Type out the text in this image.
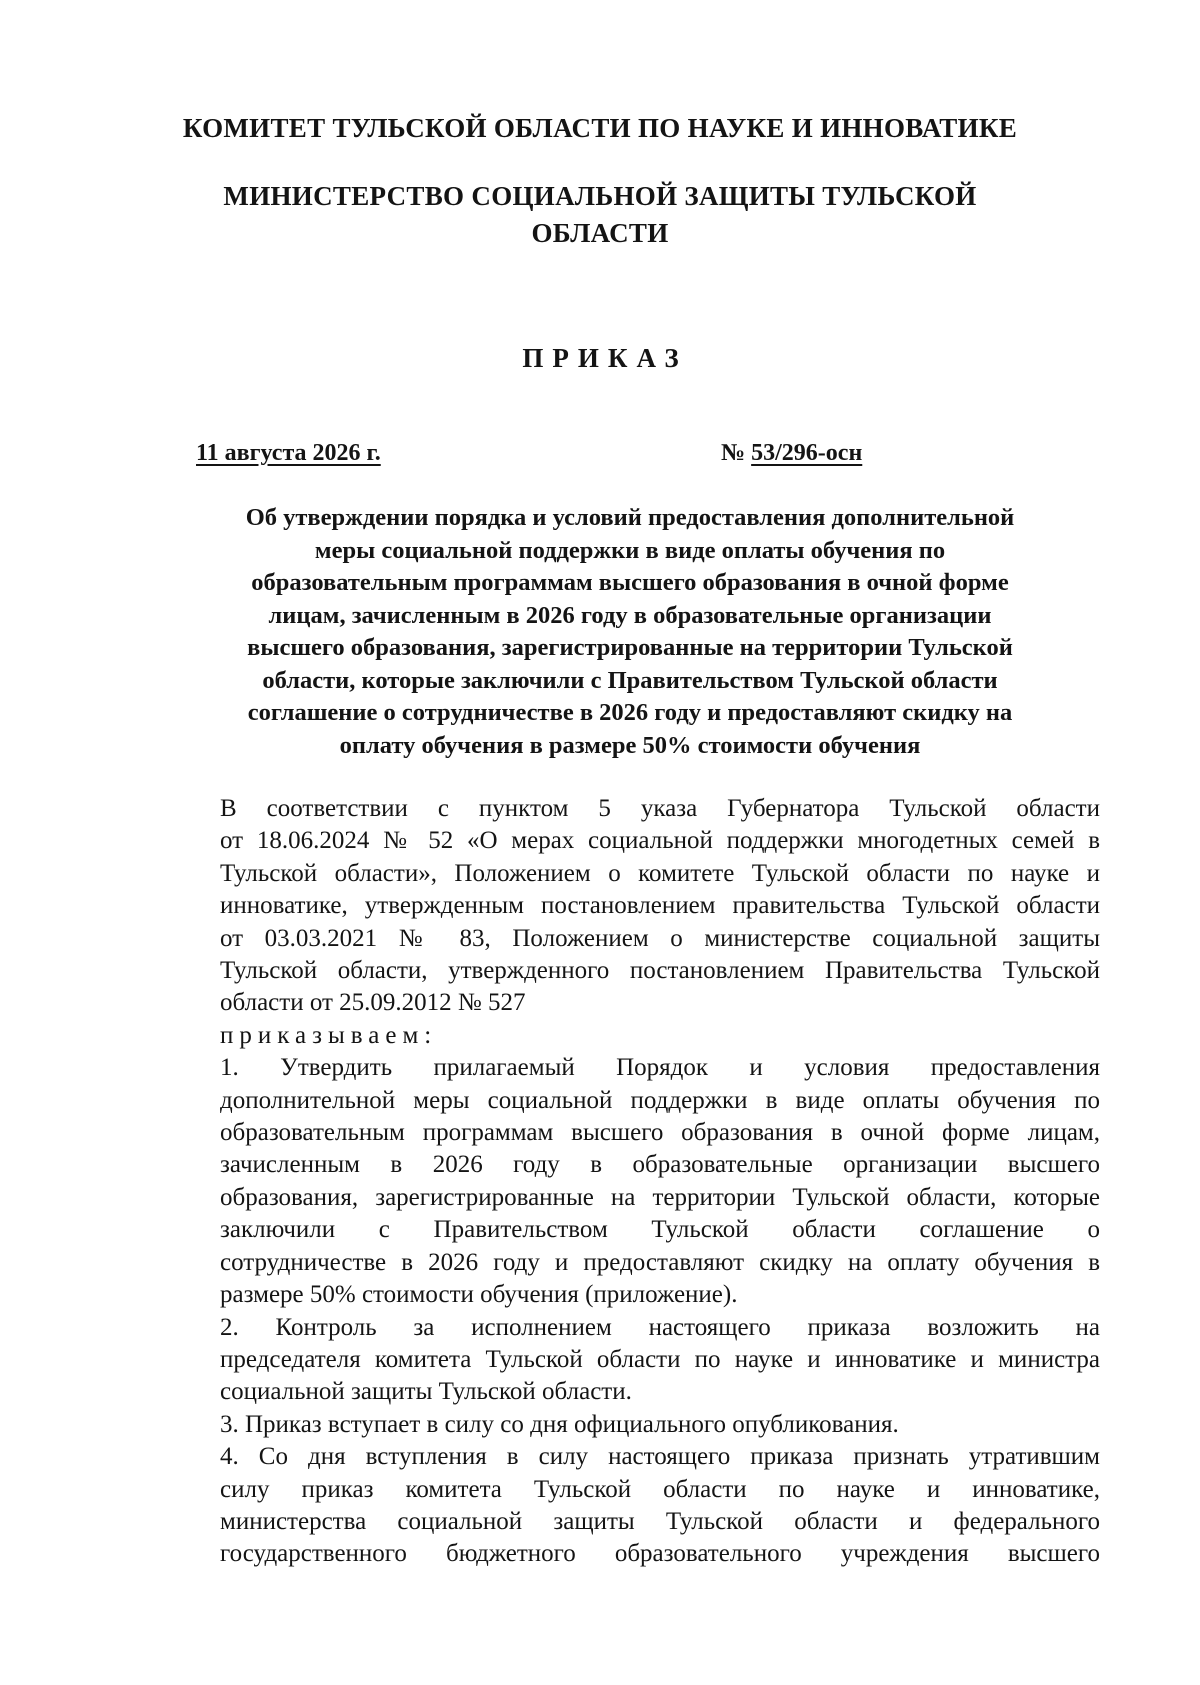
КОМИТЕТ ТУЛЬСКОЙ ОБЛАСТИ ПО НАУКЕ И ИННОВАТИКЕ
МИНИСТЕРСТВО СОЦИАЛЬНОЙ ЗАЩИТЫ ТУЛЬСКОЙ
ОБЛАСТИ
ПРИКАЗ
11 августа 2026 г.	№ 53/296-осн
Об утверждении порядка и условий предоставления дополнительной
меры социальной поддержки в виде оплаты обучения по
образовательным программам высшего образования в очной форме
лицам, зачисленным в 2026 году в образовательные организации
высшего образования, зарегистрированные на территории Тульской
области, которые заключили с Правительством Тульской области
соглашение о сотрудничестве в 2026 году и предоставляют скидку на
оплату обучения в размере 50% стоимости обучения

В соответствии с пунктом 5 указа Губернатора Тульской области
от 18.06.2024 № 52 «О мерах социальной поддержки многодетных семей в
Тульской области», Положением о комитете Тульской области по науке и
инноватике, утвержденным постановлением правительства Тульской области
от 03.03.2021 № 83, Положением о министерстве социальной защиты
Тульской области, утвержденного постановлением Правительства Тульской
области от 25.09.2012 № 527

приказываем:

1. Утвердить прилагаемый Порядок и условия предоставления
дополнительной меры социальной поддержки в виде оплаты обучения по
образовательным программам высшего образования в очной форме лицам,
зачисленным в 2026 году в образовательные организации высшего
образования, зарегистрированные на территории Тульской области, которые
заключили с Правительством Тульской области соглашение о
сотрудничестве в 2026 году и предоставляют скидку на оплату обучения в
размере 50% стоимости обучения (приложение).

2. Контроль за исполнением настоящего приказа возложить на
председателя комитета Тульской области по науке и инноватике и министра
социальной защиты Тульской области.

3. Приказ вступает в силу со дня официального опубликования.

4. Со дня вступления в силу настоящего приказа признать утратившим
силу приказ комитета Тульской области по науке и инноватике,
министерства социальной защиты Тульской области и федерального
государственного бюджетного образовательного учреждения высшего
